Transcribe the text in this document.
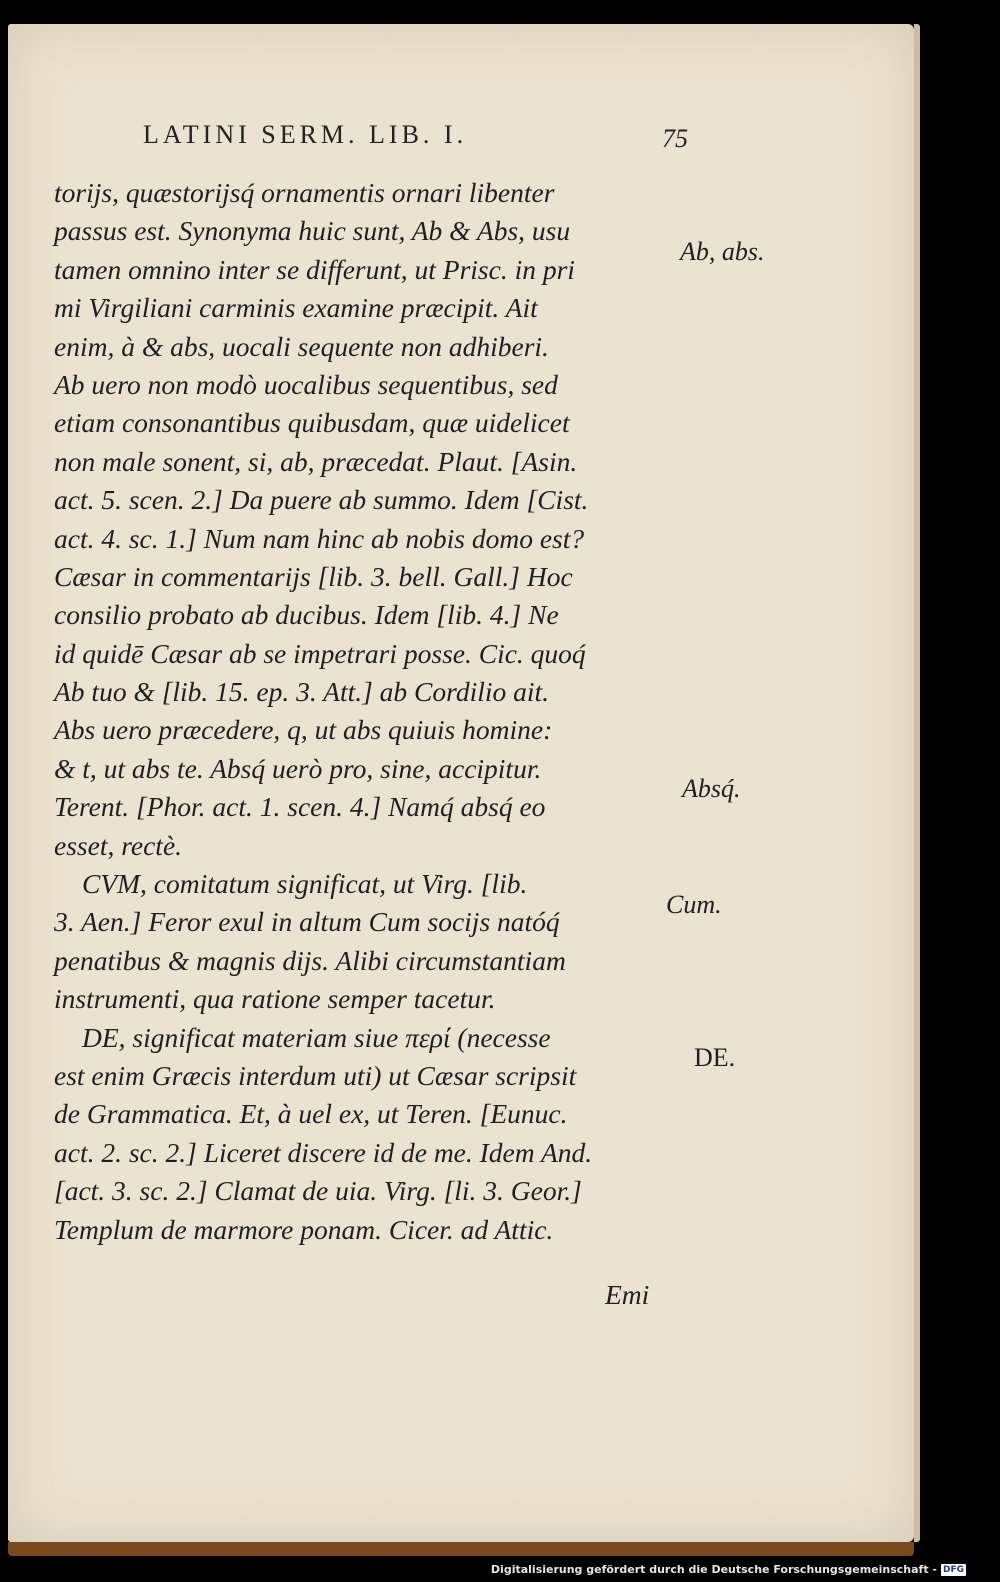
LATINI SERM. LIB. I.	75
toriјs, quæstorijsq́ ornamentis ornari libenter
passus est. Synonyma huic sunt, Ab & Abs, usu
tamen omnino inter se differunt, ut Prisc. in pri
mi Virgiliani carminis examine præcipit. Ait
enim, à & abs, uocali sequente non adhiberi.
Ab uero non modò uocalibus sequentibus, sed
etiam consonantibus quibusdam, quæ uidelicet
non male sonent, si, ab, præcedat. Plaut. [Asin.
act. 5. scen. 2.] Da puere ab summo. Idem [Cist.
act. 4. sc. 1.] Num nam hinc ab nobis domo est?
Cæsar in commentarijs [lib. 3. bell. Gall.] Hoc
consilio probato ab ducibus. Idem [lib. 4.] Ne
id quidē Cæsar ab se impetrari posse. Cic. quoq́
Ab tuo & [lib. 15. ep. 3. Att.] ab Cordilio ait.
Abs uero præcedere, q, ut abs quiuis homine:
& t, ut abs te. Absq́ uerò pro, sine, accipitur.
Terent. [Phor. act. 1. scen. 4.] Namq́ absq́ eo
esset, rectè.
CVM, comitatum significat, ut Virg. [lib.
3. Aen.] Feror exul in altum Cum socijs natóq́
penatibus & magnis dijs. Alibi circumstantiam
instrumenti, qua ratione semper tacetur.
DE, significat materiam siue περί (necesse
est enim Græcis interdum uti) ut Cæsar scripsit
de Grammatica. Et, à uel ex, ut Teren. [Eunuc.
act. 2. sc. 2.] Liceret discere id de me. Idem And.
[act. 3. sc. 2.] Clamat de uia. Virg. [li. 3. Geor.]
Templum de marmore ponam. Cicer. ad Attic.
Emi
Ab, abs.
Absq́.
Cum.
DE.
Digitalisierung gefördert durch die Deutsche Forschungsgemeinschaft - DFG
